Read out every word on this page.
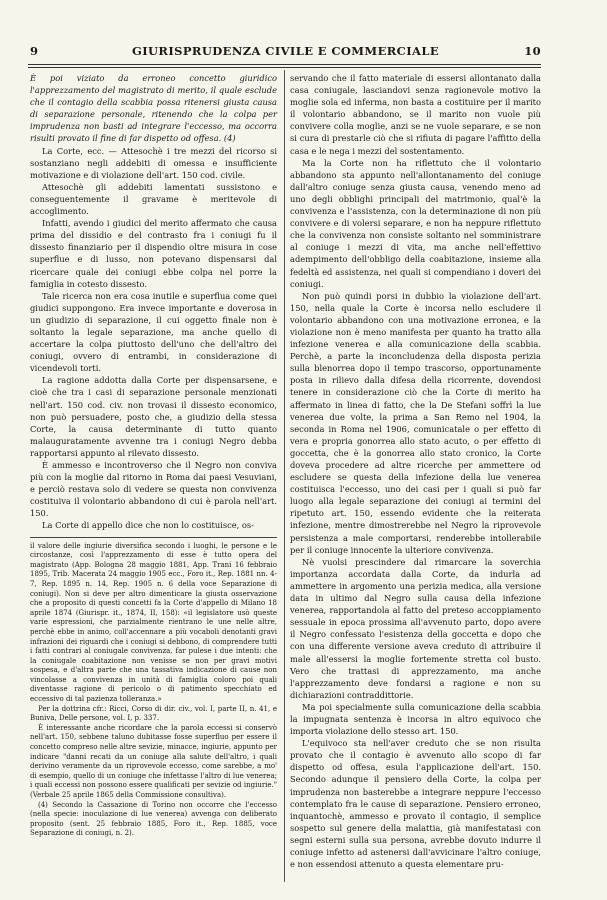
9	GIURISPRUDENZA CIVILE E COMMERCIALE	10

È poi viziato da erroneo concetto giuridico l'apprezzamento del magistrato di merito, il quale esclude che il contagio della scabbia possa ritenersi giusta causa di separazione personale, ritenendo che la colpa per imprudenza non basti ad integrare l'eccesso, ma occorra risulti provato il fine di far dispetto od offesa. (4)

La Corte, ecc. — Attesochè i tre mezzi del ricorso si sostanziano negli addebiti di omessa e insufficiente motivazione e di violazione dell'art. 150 cod. civile.

Attesochè gli addebiti lamentati sussistono e conseguentemente il gravame è meritevole di accoglimento.

Infatti, avendo i giudici del merito affermato che causa prima del dissidio e del contrasto fra i coniugi fu il dissesto finanziario per il dispendio oltre misura in cose superflue e di lusso, non potevano dispensarsi dal ricercare quale dei coniugi ebbe colpa nel porre la famiglia in cotesto dissesto.

Tale ricerca non era cosa inutile e superflua come quei giudici suppongono. Era invece importante e doverosa in un giudizio di separazione, il cui oggetto finale non è soltanto la legale separazione, ma anche quello di accertare la colpa piuttosto dell'uno che dell'altro dei coniugi, ovvero di entrambi, in considerazione di vicendevoli torti.

La ragione addotta dalla Corte per dispensarsene, e cioè che tra i casi di separazione personale menzionati nell'art. 150 cod. civ. non trovasi il dissesto economico, non può persuadere, posto che, a giudizio della stessa Corte, la causa determinante di tutto quanto malauguratamente avvenne tra i coniugi Negro debba rapportarsi appunto al rilevato dissesto.

È ammesso e incontroverso che il Negro non conviva più con la moglie dal ritorno in Roma dai paesi Vesuviani, e perciò restava solo di vedere se questa non convivenza costituiva il volontario abbandono di cui è parola nell'art. 150.

La Corte di appello dice che non lo costituisce, os-

il valore delle ingiurie diversifica secondo i luoghi, le persone e le circostanze, così l'apprezzamento di esse è tutto opera del magistrato (App. Bologna 28 maggio 1881, App. Trani 16 febbraio 1895, Trib. Macerata 24 maggio 1905 ecc., Foro it., Rep. 1881 nn. 4-7, Rep. 1895 n. 14, Rep. 1905 n. 6 della voce Separazione di coniugi). Non si deve per altro dimenticare la giusta osservazione che a proposito di questi concetti fa la Corte d'appello di Milano 18 aprile 1874 (Giurispr. it., 1874, II, 158): «il legislatore usò queste varie espressioni, che parzialmente rientrano le une nelle altre, perchè ebbe in animo, coll'accennare a più vocaboli denotanti gravi infrazioni dei riguardi che i coniugi si debbono, di comprendere tutti i fatti contrari al coniugale convivenza, far pulese i due intenti: che la coniugale coabitazione non venisse se non per gravi motivi sospesa, e d'altra parte che una tassativa indicazione di cause non vincolasse a convivenza in unità di famiglia coloro poi quali diventasse ragione di pericolo o di patimento specchiato ed eccessivo di tal pazienza tolleranza.»

Per la dottrina cfr.: Ricci, Corso di dir. civ., vol. I, parte II, n. 41, e Buniva, Delle persone, vol. I, p. 337.

È interessante anche ricordare che la parola eccessi si conservò nell'art. 150, sebbene taluno dubitasse fosse superfluo per essere il concetto compreso nelle altre sevizie, minacce, ingiurie, appunto per indicare "danni recati da un coniuge alla salute dell'altro, i quali derivino veramente da un riprovevole eccesso, come sarebbe, a mo' di esempio, quello di un coniuge che infettasse l'altro di lue venerea; i quali eccessi non possono essere qualificati per sevizie od ingiurie." (Verbale 25 aprile 1865 della Commissione consultiva).

(4) Secondo la Cassazione di Torino non occorre che l'eccesso (nella specie: inoculazione di lue venerea) avvenga con deliberato proposito (sent. 25 febbraio 1885, Foro it., Rep. 1885, voce Separazione di coniugi, n. 2).

servando che il fatto materiale di essersi allontanato dalla casa coniugale, lasciandovi senza ragionevole motivo la moglie sola ed inferma, non basta a costituire per il marito il volontario abbandono, se il marito non vuole più convivere colla moglie, anzi se ne vuole separare, e se non si cura di prestarle ciò che si rifiuta di pagare l'affitto della casa e le nega i mezzi del sostentamento.

Ma la Corte non ha riflettuto che il volontario abbandono sta appunto nell'allontanamento del coniuge dall'altro coniuge senza giusta causa, venendo meno ad uno degli obblighi principali del matrimonio, qual'è la convivenza e l'assistenza, con la determinazione di non più convivere e di volersi separare, e non ha neppure riflettuto che la convivenza non consiste soltanto nel somministrare al coniuge i mezzi di vita, ma anche nell'effettivo adempimento dell'obbligo della coabitazione, insieme alla fedeltà ed assistenza, nei quali si compendiano i doveri dei coniugi.

Non può quindi porsi in dubbio la violazione dell'art. 150, nella quale la Corte è incorsa nello escludere il volontario abbandono con una motivazione erronea, e la violazione non è meno manifesta per quanto ha tratto alla infezione venerea e alla comunicazione della scabbia. Perchè, a parte la inconcludenza della disposta perizia sulla blenorrea dopo il tempo trascorso, opportunamente posta in rilievo dalla difesa della ricorrente, dovendosi tenere in considerazione ciò che la Corte di merito ha affermato in linea di fatto, che la De Stefani soffrì la lue venerea due volte, la prima a San Remo nel 1904, la seconda in Roma nel 1906, comunicatale o per effetto di vera e propria gonorrea allo stato acuto, o per effetto di goccetta, che è la gonorrea allo stato cronico, la Corte doveva procedere ad altre ricerche per ammettere od escludere se questa della infezione della lue venerea costituisca l'eccesso, uno dei casi per i quali si può far luogo alla legale separazione dei coniugi ai termini del ripetuto art. 150, essendo evidente che la reiterata infezione, mentre dimostrerebbe nel Negro la riprovevole persistenza a male comportarsi, renderebbe intollerabile per il coniuge innocente la ulteriore convivenza.

Nè vuolsi prescindere dal rimarcare la soverchia importanza accordata dalla Corte, da indurla ad ammettere in argomento una perizia medica, alla versione data in ultimo dal Negro sulla causa della infezione venerea, rapportandola al fatto del preteso accoppiamento sessuale in epoca prossima all'avvenuto parto, dopo avere il Negro confessato l'esistenza della goccetta e dopo che con una differente versione aveva creduto di attribuire il male all'essersi la moglie fortemente stretta col busto. Vero che trattasi di apprezzamento, ma anche l'apprezzamento deve fondarsi a ragione e non su dichiarazioni contraddittorie.

Ma poi specialmente sulla comunicazione della scabbia la impugnata sentenza è incorsa in altro equivoco che importa violazione dello stesso art. 150.

L'equivoco sta nell'aver creduto che se non risulta provato che il contagio è avvenuto allo scopo di far dispetto od offesa, esula l'applicazione dell'art. 150. Secondo adunque il pensiero della Corte, la colpa per imprudenza non basterebbe a integrare neppure l'eccesso contemplato fra le cause di separazione. Pensiero erroneo, inquantochè, ammesso e provato il contagio, il semplice sospetto sul genere della malattia, già manifestatasi con segni esterni sulla sua persona, avrebbe dovuto indurre il coniuge infetto ad astenersi dall'avvicinare l'altro coniuge, e non essendosi attenuto a questa elementare pru-
